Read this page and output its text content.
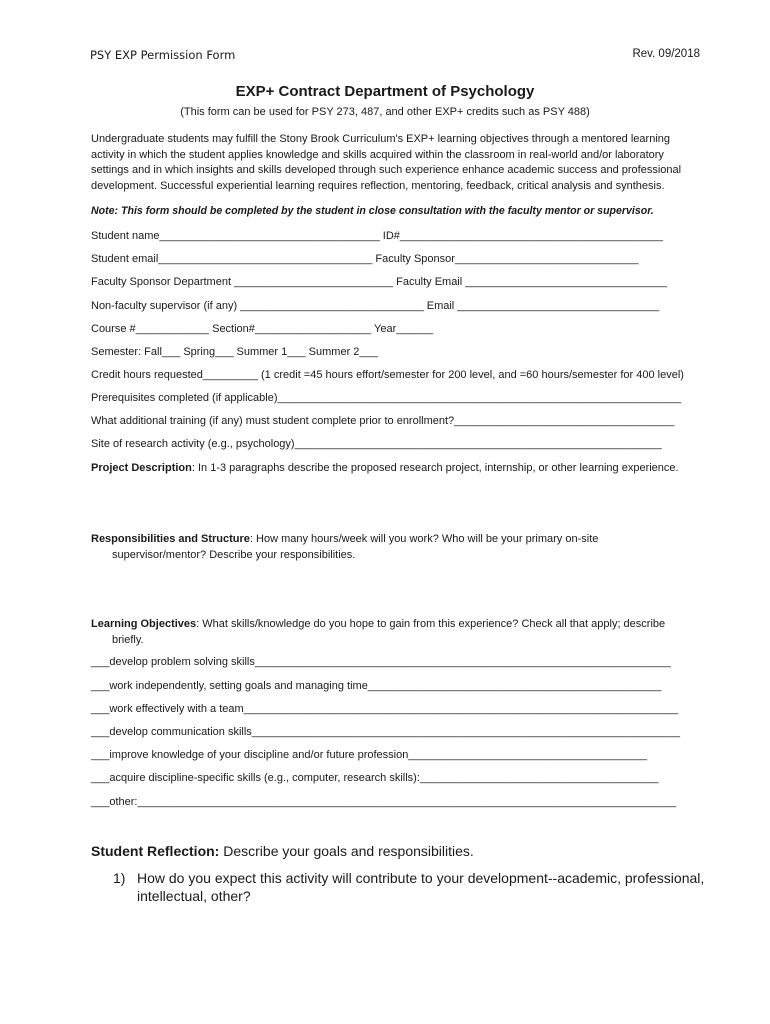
PSY EXP Permission Form	Rev. 09/2018
EXP+ Contract Department of Psychology
(This form can be used for PSY 273, 487, and other EXP+ credits such as PSY 488)
Undergraduate students may fulfill the Stony Brook Curriculum's EXP+ learning objectives through a mentored learning activity in which the student applies knowledge and skills acquired within the classroom in real-world and/or laboratory settings and in which insights and skills developed through such experience enhance academic success and professional development. Successful experiential learning requires reflection, mentoring, feedback, critical analysis and synthesis.
Note: This form should be completed by the student in close consultation with the faculty mentor or supervisor.
Student name____________________________________ ID#___________________________________________
Student email___________________________________ Faculty Sponsor______________________________
Faculty Sponsor Department __________________________ Faculty Email _________________________________
Non-faculty supervisor (if any) ______________________________ Email _________________________________
Course #____________ Section#___________________ Year______
Semester: Fall___ Spring___ Summer 1___ Summer 2___
Credit hours requested_________ (1 credit =45 hours effort/semester for 200 level, and =60 hours/semester for 400 level)
Prerequisites completed (if applicable)__________________________________________________________________
What additional training (if any) must student complete prior to enrollment?____________________________________
Site of research activity (e.g., psychology)____________________________________________________________
Project Description: In 1-3 paragraphs describe the proposed research project, internship, or other learning experience.
Responsibilities and Structure: How many hours/week will you work? Who will be your primary on-site
supervisor/mentor? Describe your responsibilities.
Learning Objectives: What skills/knowledge do you hope to gain from this experience? Check all that apply; describe
briefly.
___develop problem solving skills____________________________________________________________________
___work independently, setting goals and managing time________________________________________________
___work effectively with a team_______________________________________________________________________
___develop communication skills______________________________________________________________________
___improve knowledge of your discipline and/or future profession_______________________________________
___acquire discipline-specific skills (e.g., computer, research skills):_______________________________________
___other:________________________________________________________________________________________
Student Reflection: Describe your goals and responsibilities.
1) How do you expect this activity will contribute to your development--academic, professional, intellectual, other?
